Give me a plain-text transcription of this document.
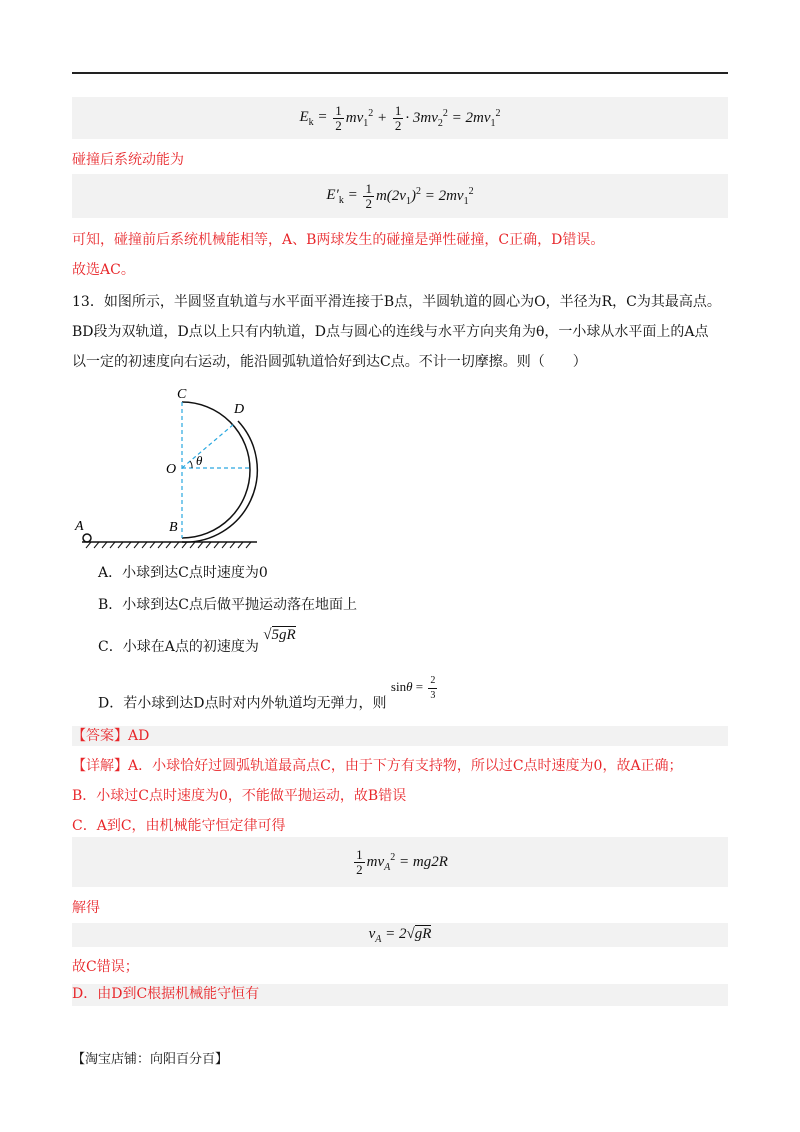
$E_k = \frac{1}{2} mv_1^2 + \frac{1}{2} \cdot 3mv_2^2 = 2mv_1^2$
碰撞后系统动能为
$E'_k = \frac{1}{2} m(2v_1)^2 = 2mv_1^2$
可知，碰撞前后系统机械能相等，A、B两球发生的碰撞是弹性碰撞，C正确，D错误。
故选AC。
13．如图所示，半圆竖直轨道与水平面平滑连接于B点，半圆轨道的圆心为O，半径为R，C为其最高点。
BD段为双轨道，D点以上只有内轨道，D点与圆心的连线与水平方向夹角为θ，一小球从水平面上的A点
以一定的初速度向右运动，能沿圆弧轨道恰好到达C点。不计一切摩擦。则（　　）
C
D
O
θ
B
A
A．小球到达C点时速度为0
B．小球到达C点后做平抛运动落在地面上
C．小球在A点的初速度为 √5gR
D．若小球到达D点时对内外轨道均无弹力，则 $\sin\theta = \frac{2}{3}$
【答案】AD
【详解】A．小球恰好过圆弧轨道最高点C，由于下方有支持物，所以过C点时速度为0，故A正确；
B．小球过C点时速度为0，不能做平抛运动，故B错误
C．A到C，由机械能守恒定律可得
$\frac{1}{2} mv_A^2 = mg2R$
解得
$v_A = 2√gR$
故C错误；
D．由D到C根据机械能守恒有
【淘宝店铺：向阳百分百】
